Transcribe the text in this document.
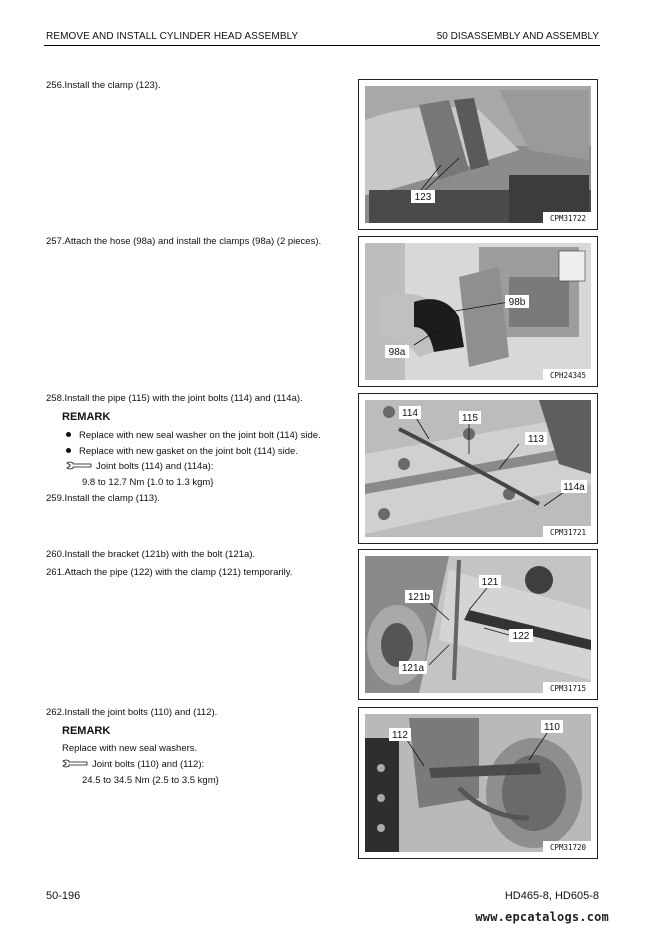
REMOVE AND INSTALL CYLINDER HEAD ASSEMBLY	50 DISASSEMBLY AND ASSEMBLY
256.Install the clamp (123).
123
CPM31722
257.Attach the hose (98a) and install the clamps (98a) (2 pieces).
98b
98a
CPH24345
258.Install the pipe (115) with the joint bolts (114) and (114a).
REMARK
Replace with new seal washer on the joint bolt (114) side.
Replace with new gasket on the joint bolt (114) side.
Joint bolts (114) and (114a):
9.8 to 12.7 Nm {1.0 to 1.3 kgm}
259.Install the clamp (113).
114	115
113
114a
CPM31721
260.Install the bracket (121b) with the bolt (121a).
261.Attach the pipe (122) with the clamp (121) temporarily.
121
121b
122
121a
CPM31715
262.Install the joint bolts (110) and (112).
REMARK
Replace with new seal washers.
Joint bolts (110) and (112):
24.5 to 34.5 Nm {2.5 to 3.5 kgm}
112
110
CPM31720
50-196	HD465-8, HD605-8
www.epcatalogs.com
